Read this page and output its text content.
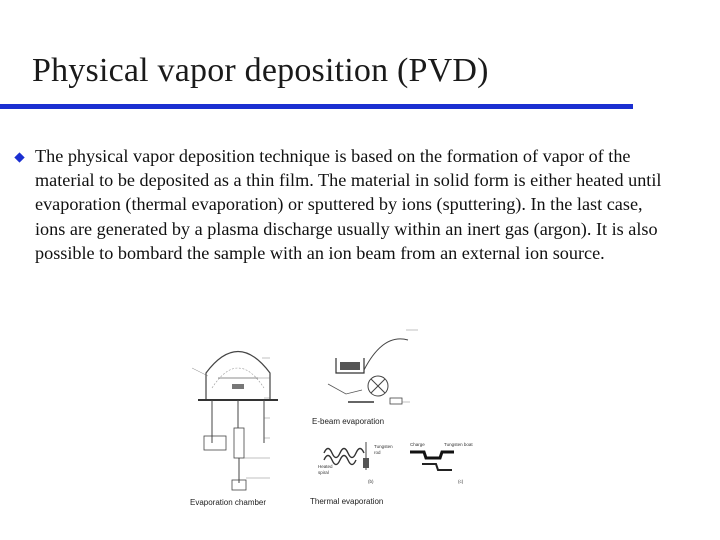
Physical vapor deposition (PVD)
The physical vapor deposition technique is based on the formation of vapor of the material to be deposited as a thin film. The material in solid form is either heated until evaporation (thermal evaporation) or sputtered by ions (sputtering). In the last case, ions are generated by a plasma discharge usually within an inert gas (argon). It is also possible to bombard the sample with an ion beam from an external ion source.
E-beam evaporation
Tungsten
rod
Heated
spiral
Charge	Tungsten boat
(b)	(c)
Evaporation chamber	Thermal evaporation
